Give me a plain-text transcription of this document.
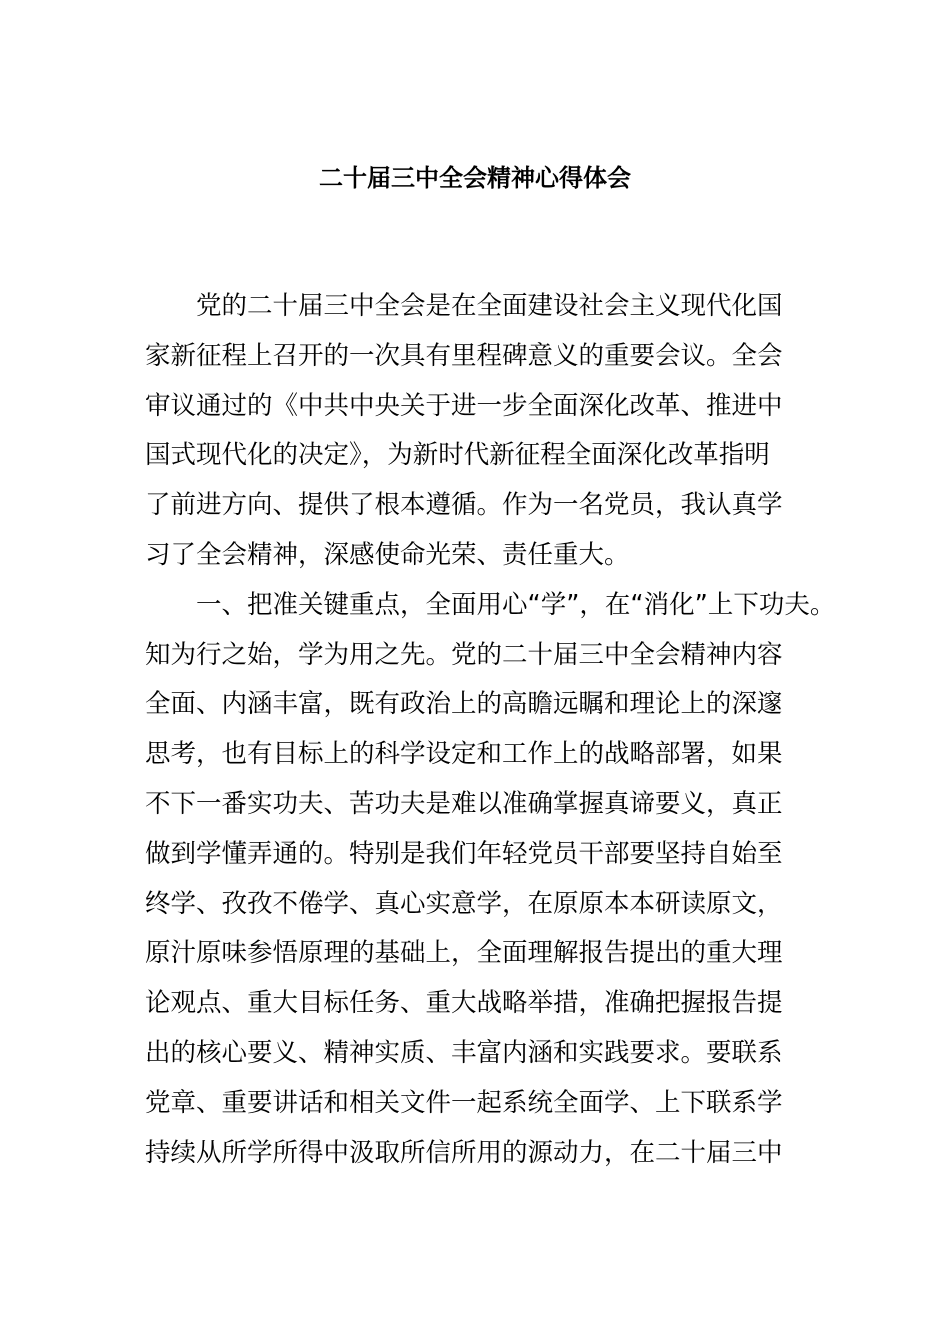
二十届三中全会精神心得体会
党的二十届三中全会是在全面建设社会主义现代化国
家新征程上召开的一次具有里程碑意义的重要会议。全会
审议通过的《中共中央关于进一步全面深化改革、推进中
国式现代化的决定》，为新时代新征程全面深化改革指明
了前进方向、提供了根本遵循。作为一名党员，我认真学
习了全会精神，深感使命光荣、责任重大。
一、把准关键重点，全面用心“学”，在“消化”上下功夫。
知为行之始，学为用之先。党的二十届三中全会精神内容
全面、内涵丰富，既有政治上的高瞻远瞩和理论上的深邃
思考，也有目标上的科学设定和工作上的战略部署，如果
不下一番实功夫、苦功夫是难以准确掌握真谛要义，真正
做到学懂弄通的。特别是我们年轻党员干部要坚持自始至
终学、孜孜不倦学、真心实意学，在原原本本研读原文，
原汁原味参悟原理的基础上，全面理解报告提出的重大理
论观点、重大目标任务、重大战略举措，准确把握报告提
出的核心要义、精神实质、丰富内涵和实践要求。要联系
党章、重要讲话和相关文件一起系统全面学、上下联系学
持续从所学所得中汲取所信所用的源动力，在二十届三中
